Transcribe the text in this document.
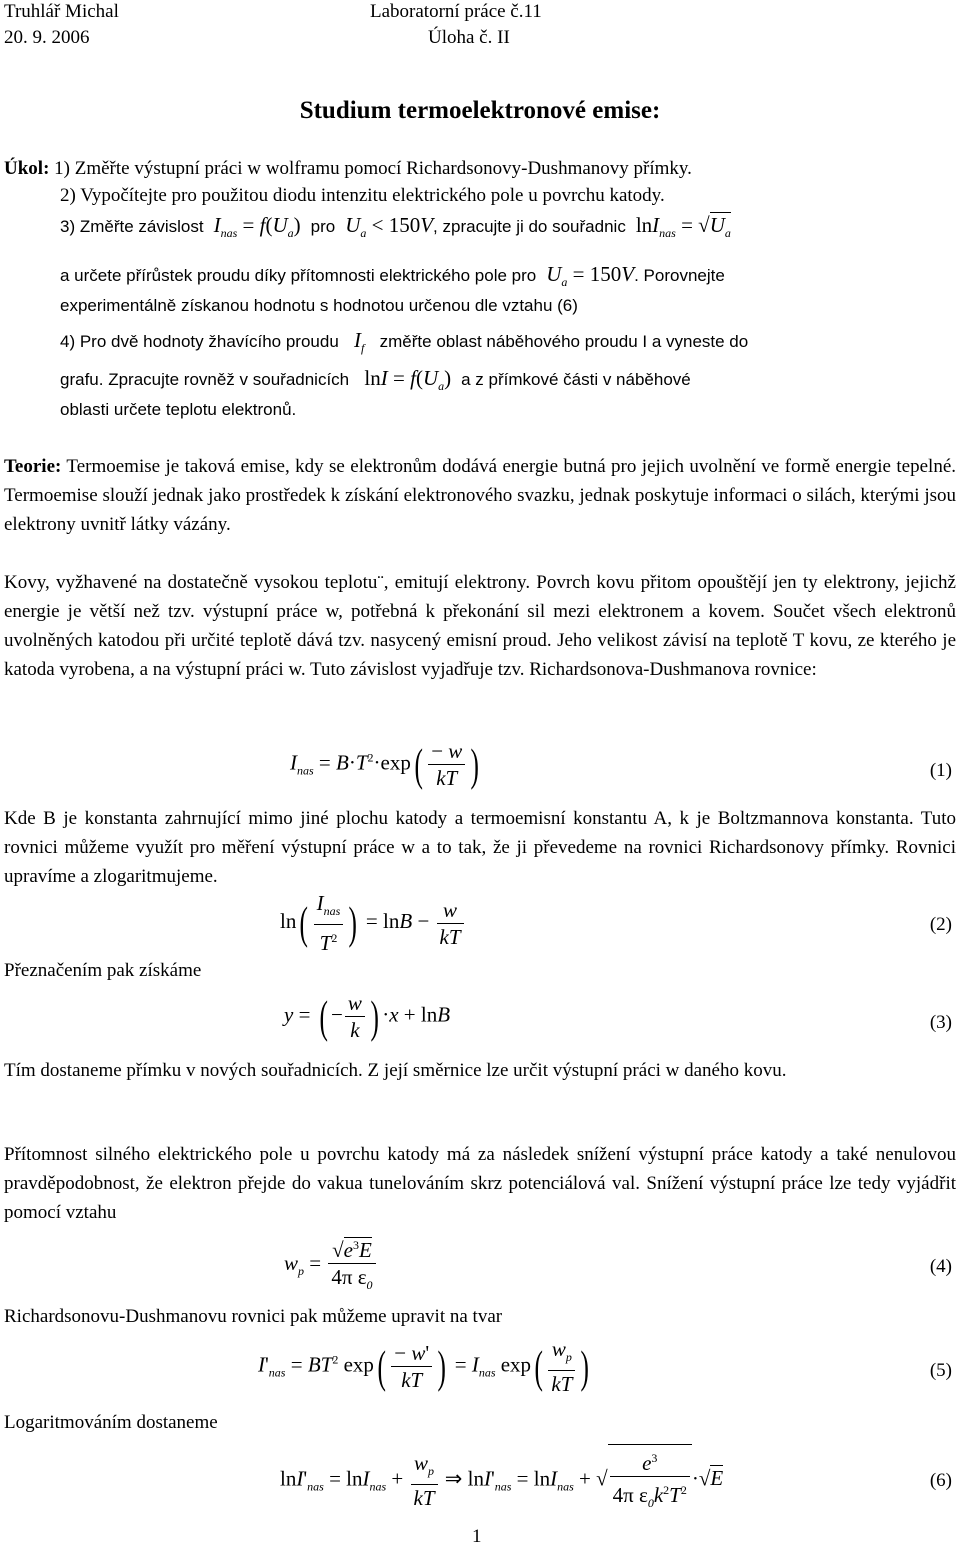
Truhlář Michal
20. 9. 2006
Laboratorní práce č.11
Úloha č. II
Studium termoelektronové emise:
Úkol: 1) Změřte výstupní práci w wolframu pomocí Richardsonovy-Dushmanovy přímky.
2) Vypočítejte pro použitou diodu intenzitu elektrického pole u povrchu katody.
3) Změřte závislost $I_{nas} = f(U_a)$  pro $U_a < 150V$, zpracujte ji do souřadnic  $\ln I_{nas} = √U_a$
a určete přírůstek proudu díky přítomnosti elektrického pole pro $U_a = 150V$. Porovnejte
experimentálně získanou hodnotu s hodnotou určenou dle vztahu (6)
4) Pro dvě hodnoty žhavícího proudu $I_f$ změřte oblast náběhového proudu I a vyneste do
grafu. Zpracujte rovněž v souřadnicích   $\ln I = f(U_a)$  a z přímkové části v náběhové
oblasti určete teplotu elektronů.
Teorie: Termoemise je taková emise, kdy se elektronům dodává energie butná pro jejich uvolnění ve formě energie tepelné. Termoemise slouží jednak jako prostředek k získání elektronového svazku, jednak poskytuje informaci o silách, kterými jsou elektrony uvnitř látky vázány.
Kovy, vyžhavené na dostatečně vysokou teplotu¨, emitují elektrony. Povrch kovu přitom opouštějí jen ty elektrony, jejichž energie je větší než tzv. výstupní práce w, potřebná k překonání sil mezi elektronem a kovem. Součet všech elektronů uvolněných katodou při určité teplotě dává tzv. nasycený emisní proud. Jeho velikost závisí na teplotě T kovu, ze kterého je katoda vyrobena, a na výstupní práci w. Tuto závislost vyjadřuje tzv. Richardsonova-Dushmanova rovnice:
$I_{nas} = B\cdot T^2\cdot\exp( \frac{- w}{kT}$ )	(1)
Kde B je konstanta zahrnující mimo jiné plochu katody a termoemisní konstantu A, k je Boltzmannova konstanta. Tuto rovnici můžeme využít pro měření výstupní práce w a to tak, že ji převedeme na rovnici Richardsonovy přímky. Rovnici upravíme a zlogaritmujeme.
$\ln( \frac{I_{nas}}{T^2}$ ) = $\ln B - \frac{w}{kT}$	(2)
Přeznačením pak získáme
y = ( − $\frac{w}{k}$ ) ·x + lnB	(3)
Tím dostaneme přímku v nových souřadnicích. Z její směrnice lze určit výstupní práci w daného kovu.
Přítomnost silného elektrického pole u povrchu katody má za následek snížení výstupní práce katody a také nenulovou pravděpodobnost, že elektron přejde do vakua tunelováním skrz potenciálová val. Snížení výstupní práce lze tedy vyjádřit pomocí vztahu
$w_p = \frac{√e^3E}{4\pi \varepsilon_0}$	(4)
Richardsonovu-Dushmanovu rovnici pak můžeme upravit na tvar
$I'_{nas} = BT^2$ $\exp( \frac{- w'}{kT}$ ) = $I_{nas}$ $\exp( \frac{w_p}{kT}$ )	(5)
Logaritmováním dostaneme
$\ln I'_{nas} = \ln I_{nas} + \frac{w_p}{kT}$ ⇒ $\ln I'_{nas} = \ln I_{nas}$ + √ $\frac{e^3}{4\pi \varepsilon_0k^2T^2} \cdot√E$	(6)
1
